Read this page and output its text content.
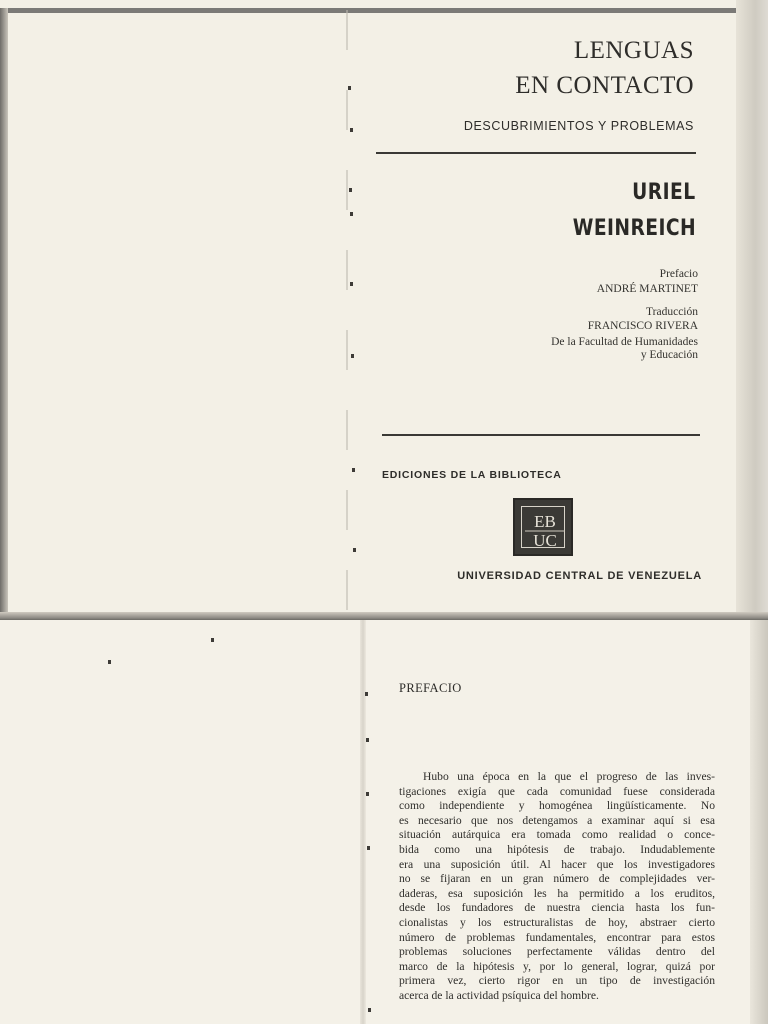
LENGUAS
EN CONTACTO
DESCUBRIMIENTOS Y PROBLEMAS
URIEL
WEINREICH
Prefacio
ANDRÉ MARTINET
Traducción
FRANCISCO RIVERA
De la Facultad de Humanidades
y Educación
EDICIONES DE LA BIBLIOTECA
EB
UC
UNIVERSIDAD CENTRAL DE VENEZUELA
PREFACIO
Hubo una época en la que el progreso de las inves-
tigaciones exigía que cada comunidad fuese considerada
como independiente y homogénea lingüísticamente. No
es necesario que nos detengamos a examinar aquí si esa
situación autárquica era tomada como realidad o conce-
bida como una hipótesis de trabajo. Indudablemente
era una suposición útil. Al hacer que los investigadores
no se fijaran en un gran número de complejidades ver-
daderas, esa suposición les ha permitido a los eruditos,
desde los fundadores de nuestra ciencia hasta los fun-
cionalistas y los estructuralistas de hoy, abstraer cierto
número de problemas fundamentales, encontrar para estos
problemas soluciones perfectamente válidas dentro del
marco de la hipótesis y, por lo general, lograr, quizá por
primera vez, cierto rigor en un tipo de investigación
acerca de la actividad psíquica del hombre.
